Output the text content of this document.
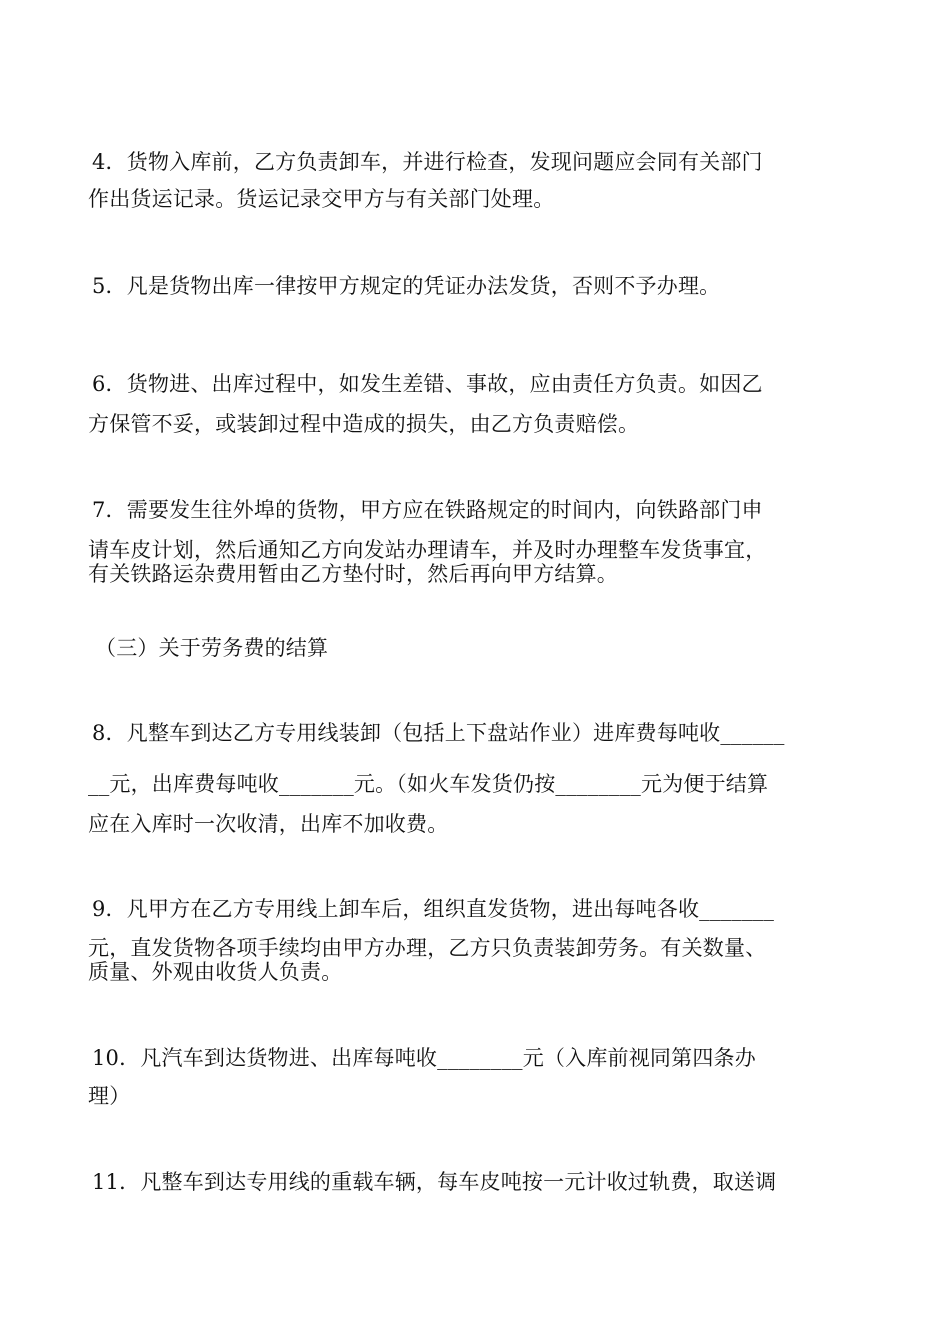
4．货物入库前，乙方负责卸车，并进行检查，发现问题应会同有关部门
作出货运记录。货运记录交甲方与有关部门处理。
5．凡是货物出库一律按甲方规定的凭证办法发货，否则不予办理。
6．货物进、出库过程中，如发生差错、事故，应由责任方负责。如因乙
方保管不妥，或装卸过程中造成的损失，由乙方负责赔偿。
7．需要发生往外埠的货物，甲方应在铁路规定的时间内，向铁路部门申
请车皮计划，然后通知乙方向发站办理请车，并及时办理整车发货事宜，
有关铁路运杂费用暂由乙方垫付时，然后再向甲方结算。
（三）关于劳务费的结算
8．凡整车到达乙方专用线装卸（包括上下盘站作业）进库费每吨收______
__元，出库费每吨收_______元。（如火车发货仍按________元为便于结算
应在入库时一次收清，出库不加收费。
9．凡甲方在乙方专用线上卸车后，组织直发货物，进出每吨各收_______
元，直发货物各项手续均由甲方办理，乙方只负责装卸劳务。有关数量、
质量、外观由收货人负责。
10．凡汽车到达货物进、出库每吨收________元（入库前视同第四条办
理）
11．凡整车到达专用线的重载车辆，每车皮吨按一元计收过轨费，取送调
